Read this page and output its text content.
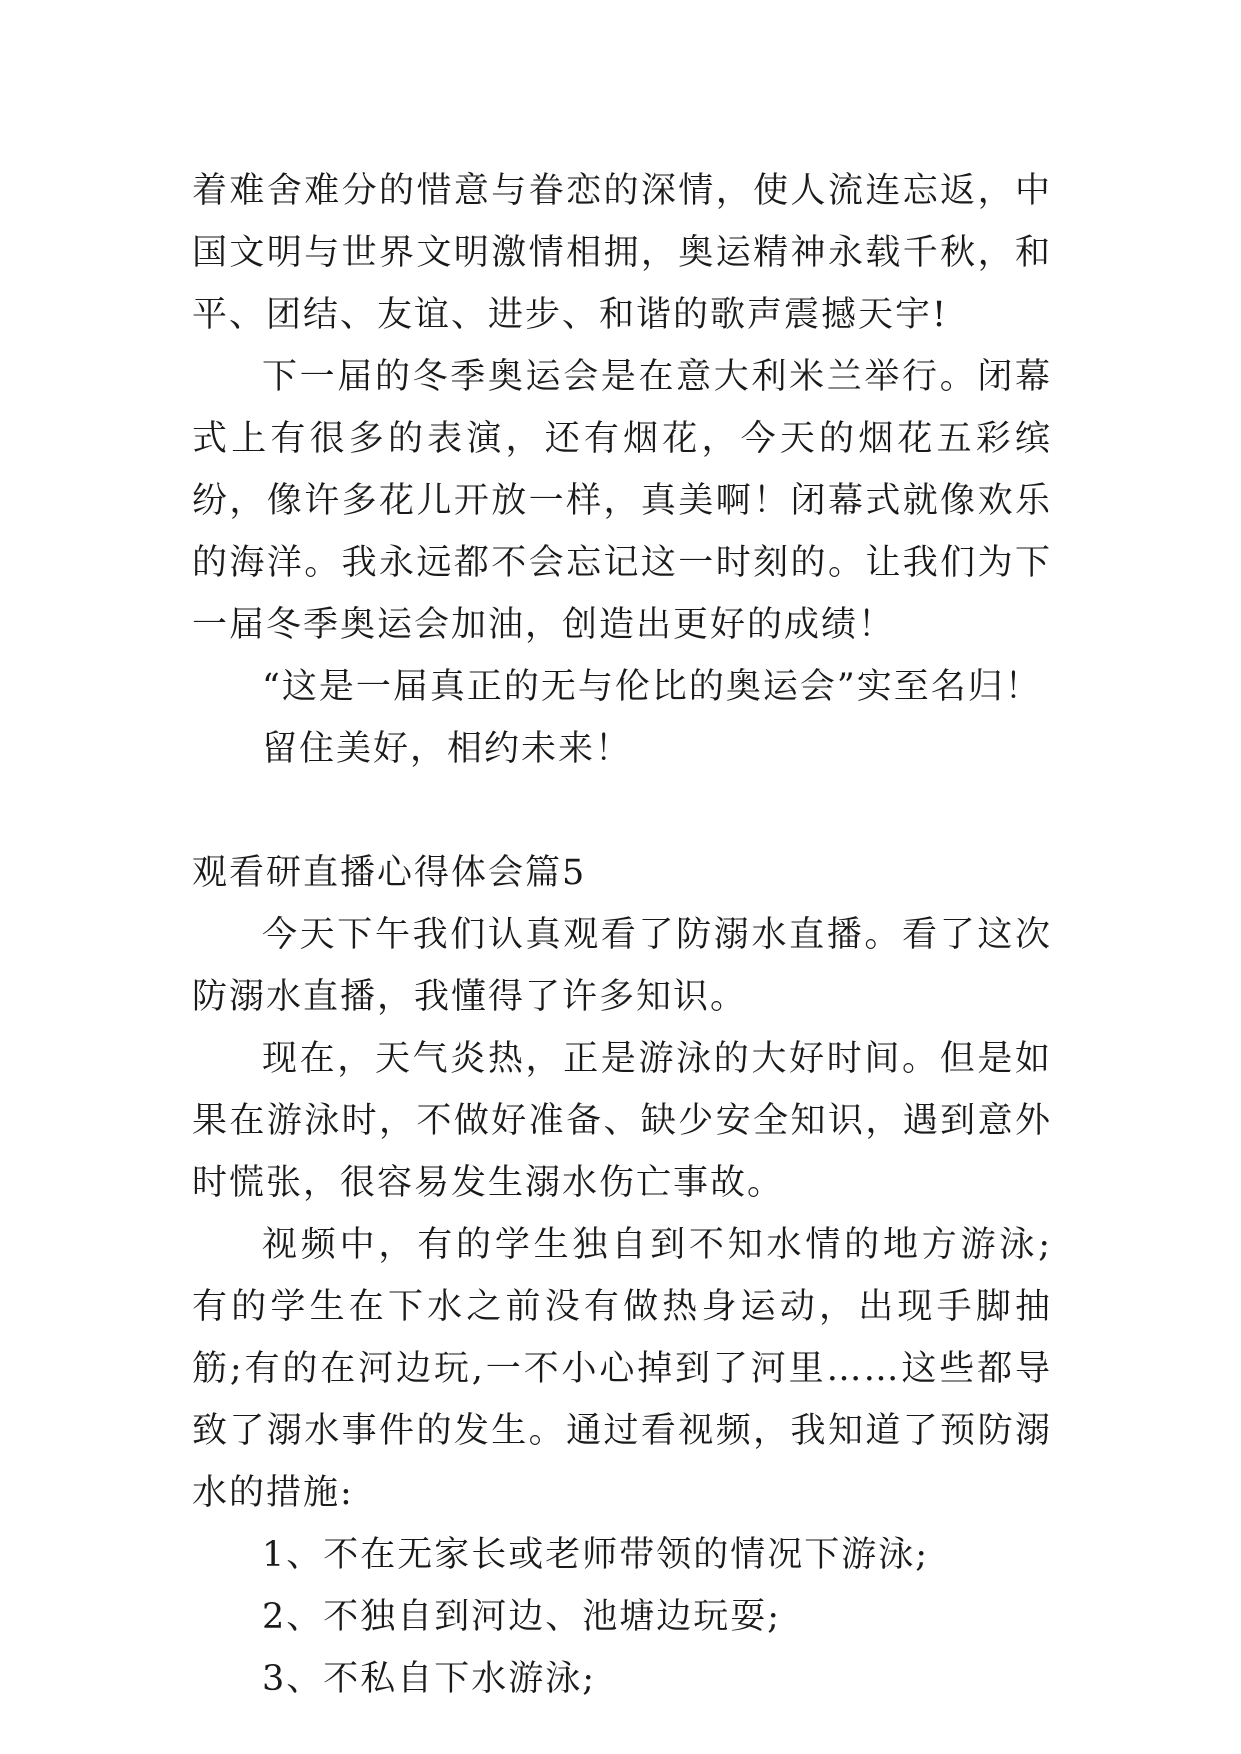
着难舍难分的惜意与眷恋的深情，使人流连忘返，中国文明与世界文明激情相拥，奥运精神永载千秋，和平、团结、友谊、进步、和谐的歌声震撼天宇!

下一届的冬季奥运会是在意大利米兰举行。闭幕式上有很多的表演，还有烟花，今天的烟花五彩缤纷，像许多花儿开放一样，真美啊！闭幕式就像欢乐的海洋。我永远都不会忘记这一时刻的。让我们为下一届冬季奥运会加油，创造出更好的成绩！

“这是一届真正的无与伦比的奥运会”实至名归！

留住美好，相约未来！

观看研直播心得体会篇5

今天下午我们认真观看了防溺水直播。看了这次防溺水直播，我懂得了许多知识。

现在，天气炎热，正是游泳的大好时间。但是如果在游泳时，不做好准备、缺少安全知识，遇到意外时慌张，很容易发生溺水伤亡事故。

视频中，有的学生独自到不知水情的地方游泳;有的学生在下水之前没有做热身运动，出现手脚抽筋;有的在河边玩,一不小心掉到了河里……这些都导致了溺水事件的发生。通过看视频，我知道了预防溺水的措施:

1、不在无家长或老师带领的情况下游泳;

2、不独自到河边、池塘边玩耍;

3、不私自下水游泳;
